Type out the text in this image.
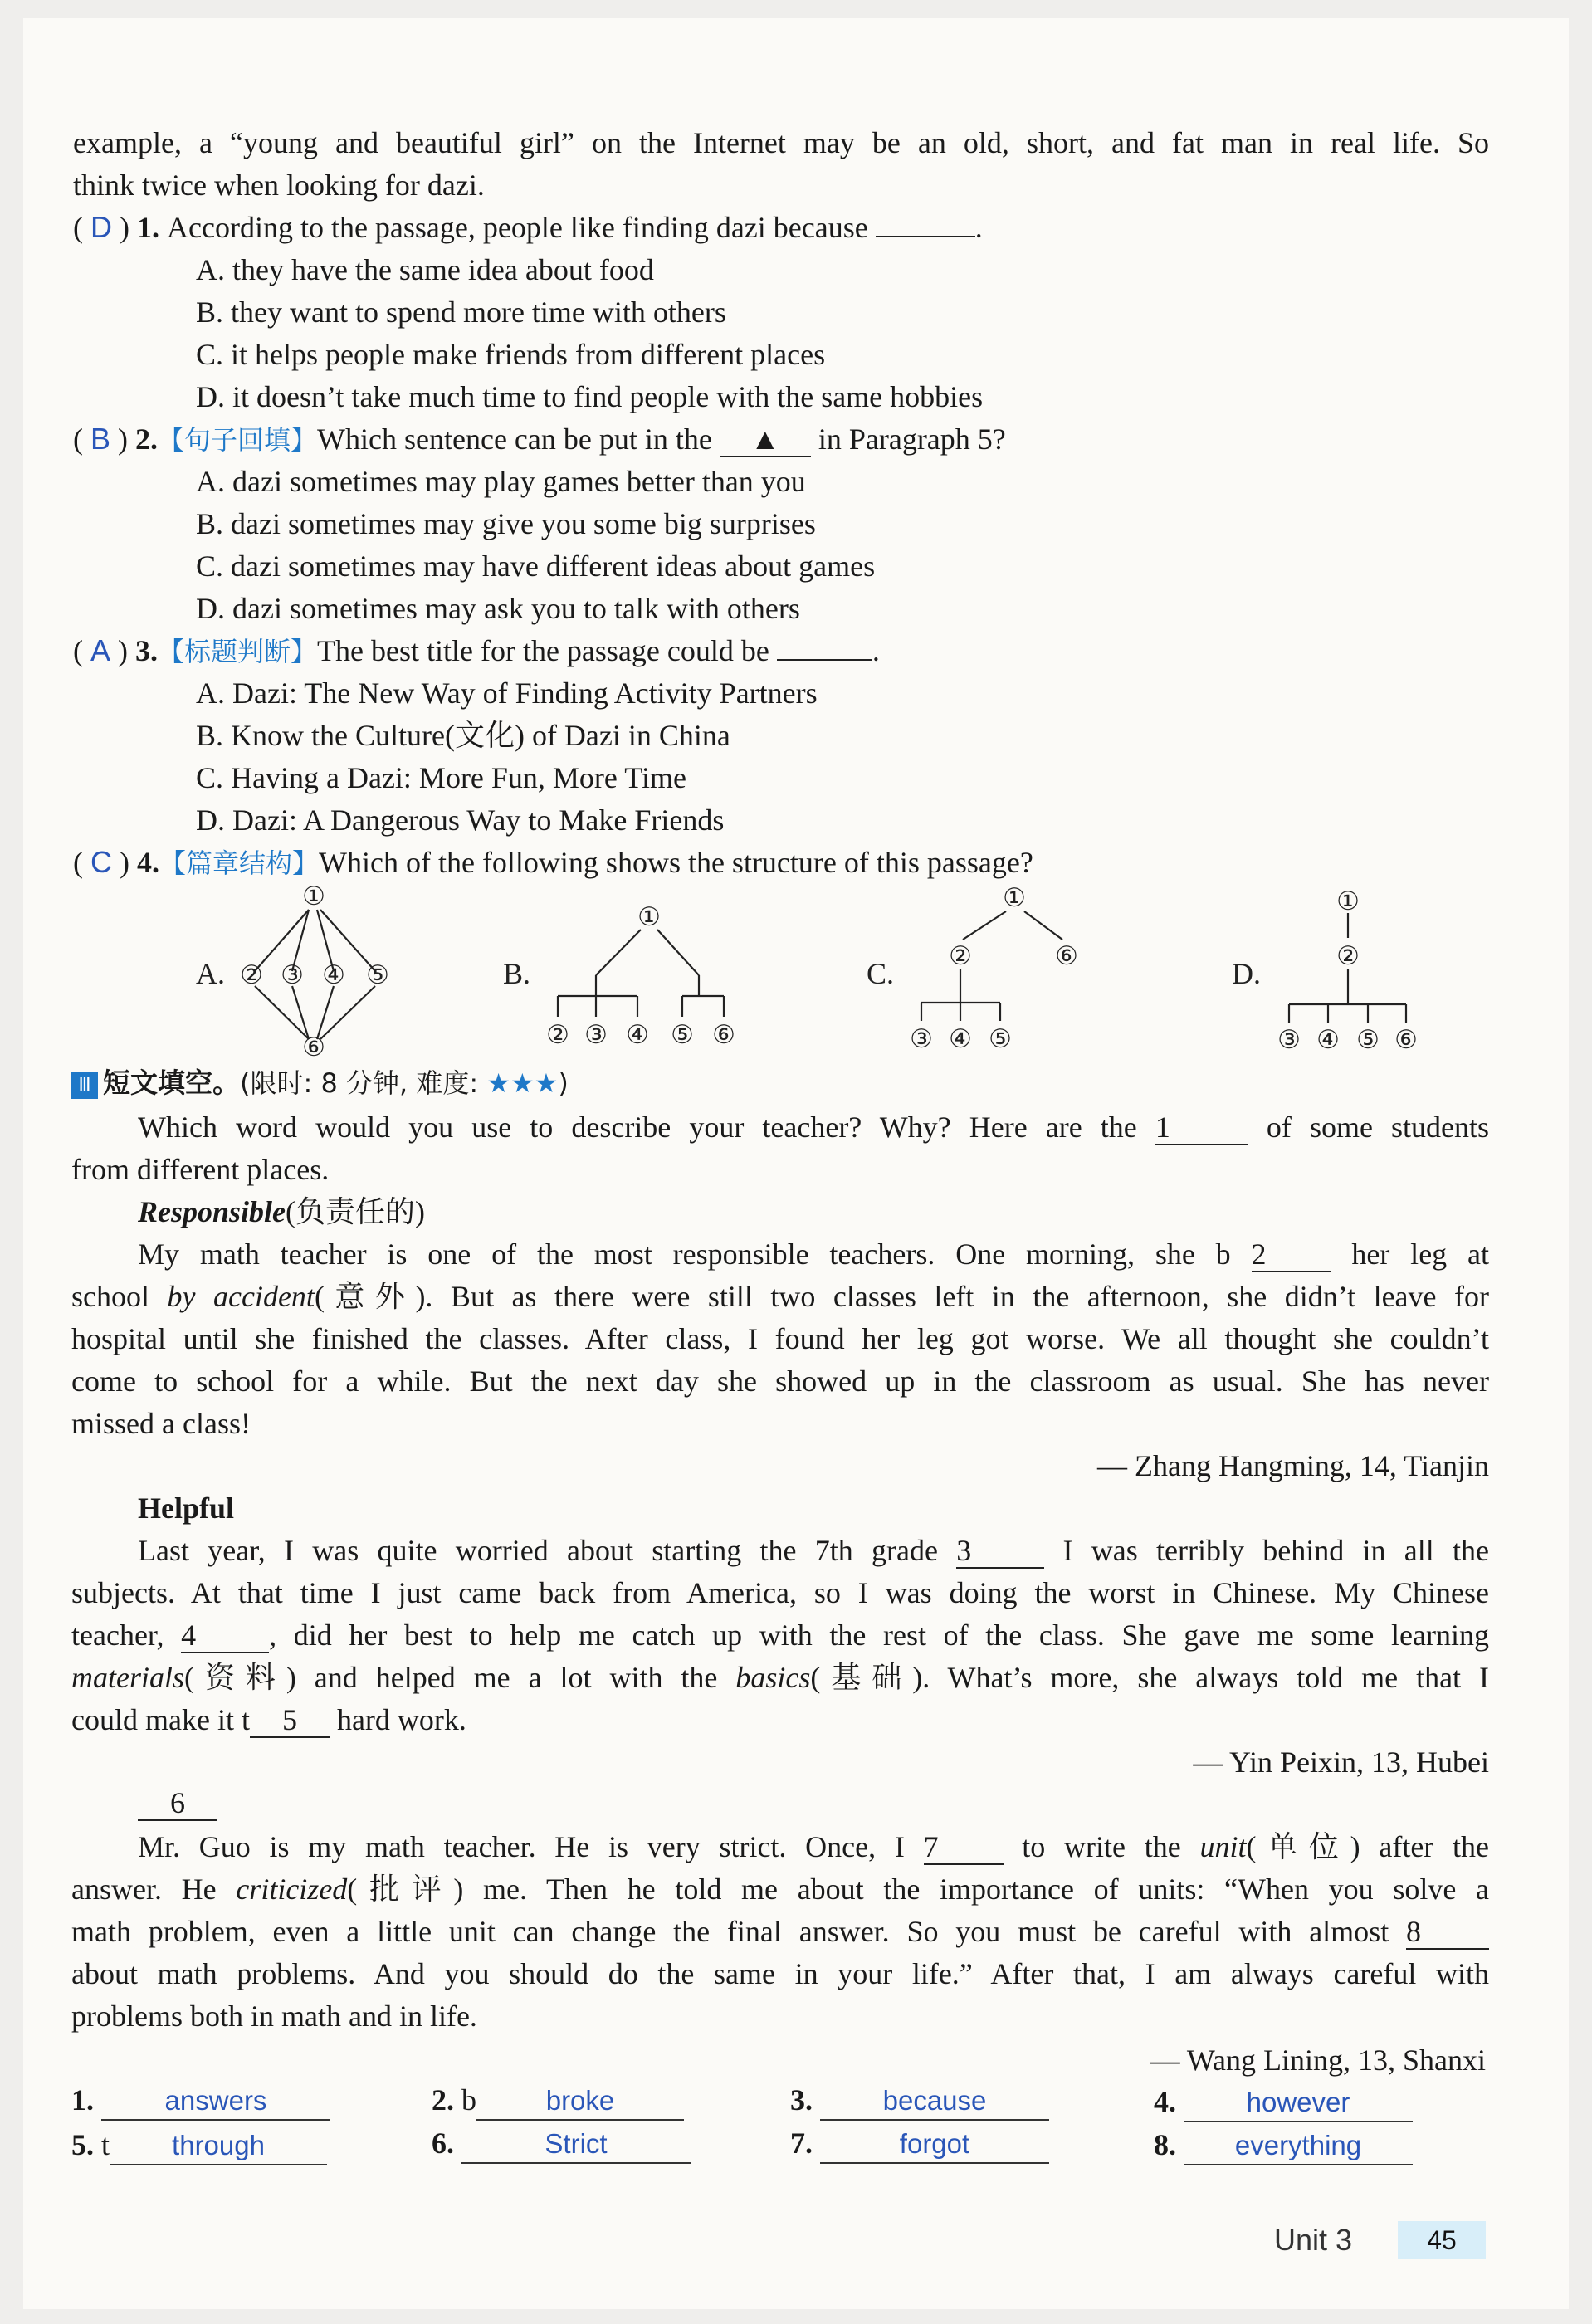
example, a “young and beautiful girl” on the Internet may be an old, short, and fat man in real life. So
think twice when looking for dazi.
( D ) 1. According to the passage, people like finding dazi because	.
A. they have the same idea about food
B. they want to spend more time with others
C. it helps people make friends from different places
D. it doesn’t take much time to find people with the same hobbies
( B ) 2.【句子回填】Which sentence can be put in the ▲ in Paragraph 5?
A. dazi sometimes may play games better than you
B. dazi sometimes may give you some big surprises
C. dazi sometimes may have different ideas about games
D. dazi sometimes may ask you to talk with others
( A ) 3.【标题判断】The best title for the passage could be	.
A. Dazi: The New Way of Finding Activity Partners
B. Know the Culture(文化) of Dazi in China
C. Having a Dazi: More Fun, More Time
D. Dazi: A Dangerous Way to Make Friends
( C ) 4.【篇章结构】Which of the following shows the structure of this passage?
A.
①
② ③ ④ ⑤
⑥
B.
①
② ③ ④ ⑤ ⑥
C.
①
②
③ ④ ⑤
⑥
D.
①
②
③ ④ ⑤ ⑥
Ⅲ 短文填空。(限时: 8 分钟, 难度: ★★★)
Which word would you use to describe your teacher? Why? Here are the 1	of some students
from different places.
Responsible(负责任的)
My math teacher is one of the most responsible teachers. One morning, she b 2	her leg at
school by accident(意外). But as there were still two classes left in the afternoon, she didn’t leave for
hospital until she finished the classes. After class, I found her leg got worse. We all thought she couldn’t
come to school for a while. But the next day she showed up in the classroom as usual. She has never
missed a class!
— Zhang Hangming, 14, Tianjin
Helpful
Last year, I was quite worried about starting the 7th grade 3	I was terribly behind in all the
subjects. At that time I just came back from America, so I was doing the worst in Chinese. My Chinese
teacher, 4 , did her best to help me catch up with the rest of the class. She gave me some learning
materials(资料) and helped me a lot with the basics(基础). What’s more, she always told me that I
could make it t 5 hard work.
— Yin Peixin, 13, Hubei
6
Mr. Guo is my math teacher. He is very strict. Once, I 7	to write the unit(单位) after the
answer. He criticized(批评) me. Then he told me about the importance of units: “When you solve a
math problem, even a little unit can change the final answer. So you must be careful with almost 8
about math problems. And you should do the same in your life.” After that, I am always careful with
problems both in math and in life.
— Wang Lining, 13, Shanxi
1.	answers	2. b	broke	3.	because	4.	however
5. t through	6.	Strict	7.	forgot	8. everything
Unit 3	45
